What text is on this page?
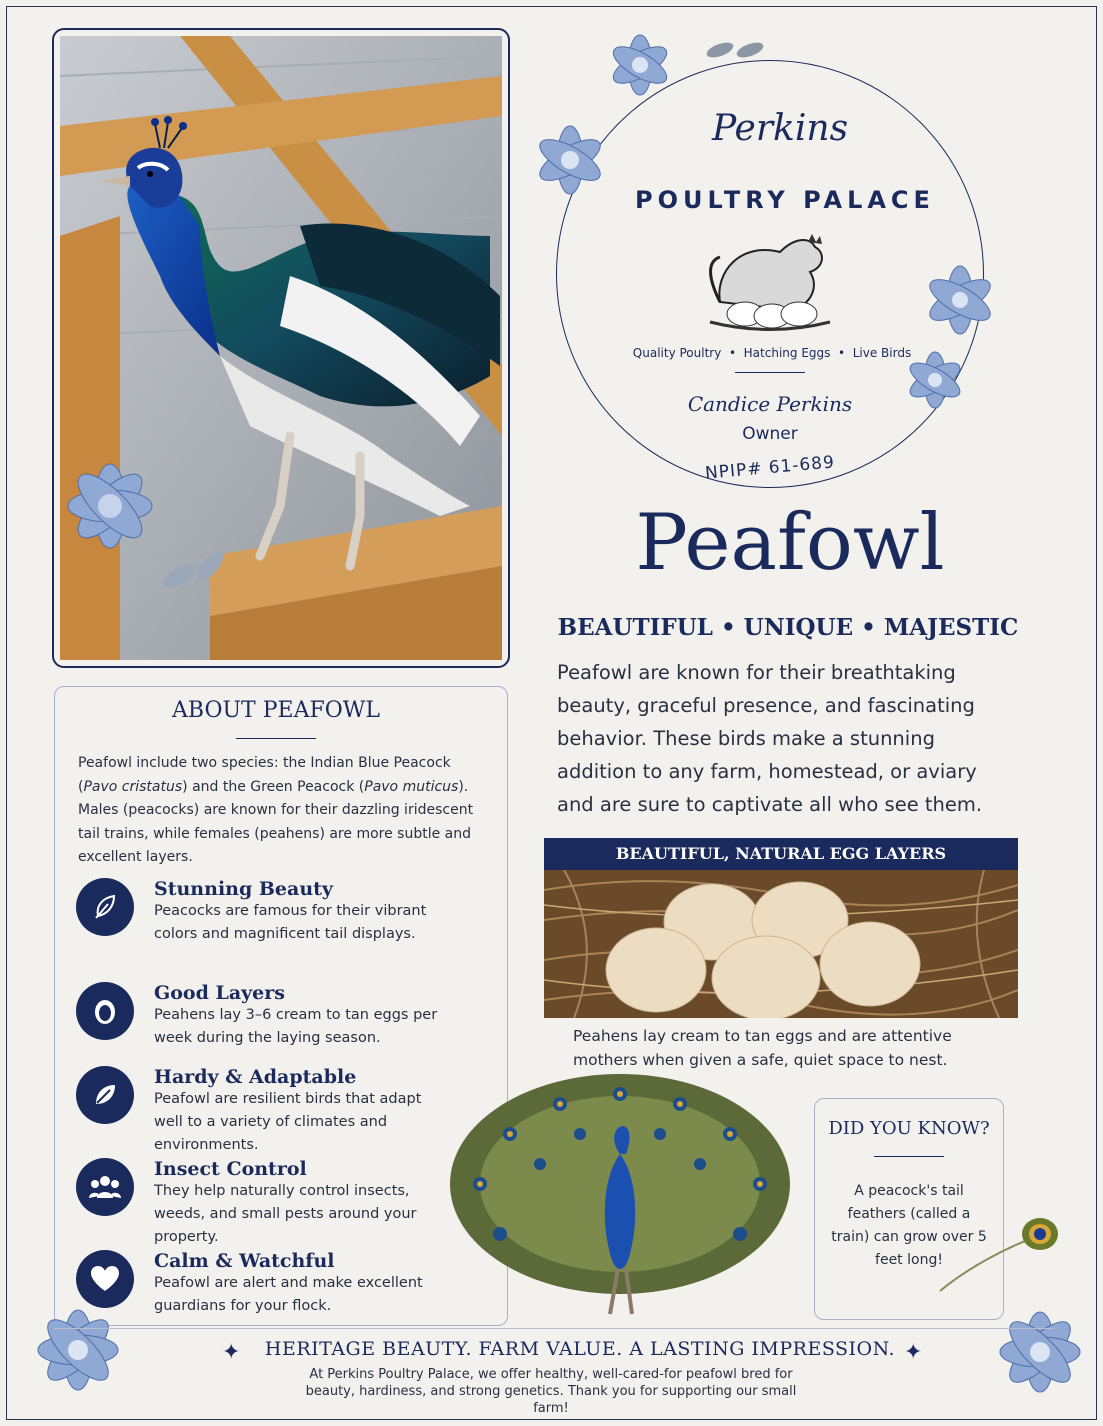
Perkins
POULTRY PALACE
Quality Poultry  •  Hatching Eggs  •  Live Birds
Candice Perkins
Owner
NPIP# 61-689
Peafowl
BEAUTIFUL • UNIQUE • MAJESTIC
Peafowl are known for their breathtaking beauty, graceful presence, and fascinating behavior. These birds make a stunning addition to any farm, homestead, or aviary and are sure to captivate all who see them.
BEAUTIFUL, NATURAL EGG LAYERS
Peahens lay cream to tan eggs and are attentive mothers when given a safe, quiet space to nest.
ABOUT PEAFOWL
Peafowl include two species: the Indian Blue Peacock (Pavo cristatus) and the Green Peacock (Pavo muticus). Males (peacocks) are known for their dazzling iridescent tail trains, while females (peahens) are more subtle and excellent layers.
Stunning Beauty
Peacocks are famous for their vibrant colors and magnificent tail displays.
Good Layers
Peahens lay 3–6 cream to tan eggs per week during the laying season.
Hardy & Adaptable
Peafowl are resilient birds that adapt well to a variety of climates and environments.
Insect Control
They help naturally control insects, weeds, and small pests around your property.
Calm & Watchful
Peafowl are alert and make excellent guardians for your flock.
DID YOU KNOW?
A peacock's tail feathers (called a train) can grow over 5 feet long!
✦	✦
HERITAGE BEAUTY. FARM VALUE. A LASTING IMPRESSION.
At Perkins Poultry Palace, we offer healthy, well-cared-for peafowl bred for beauty, hardiness, and strong genetics. Thank you for supporting our small farm!
